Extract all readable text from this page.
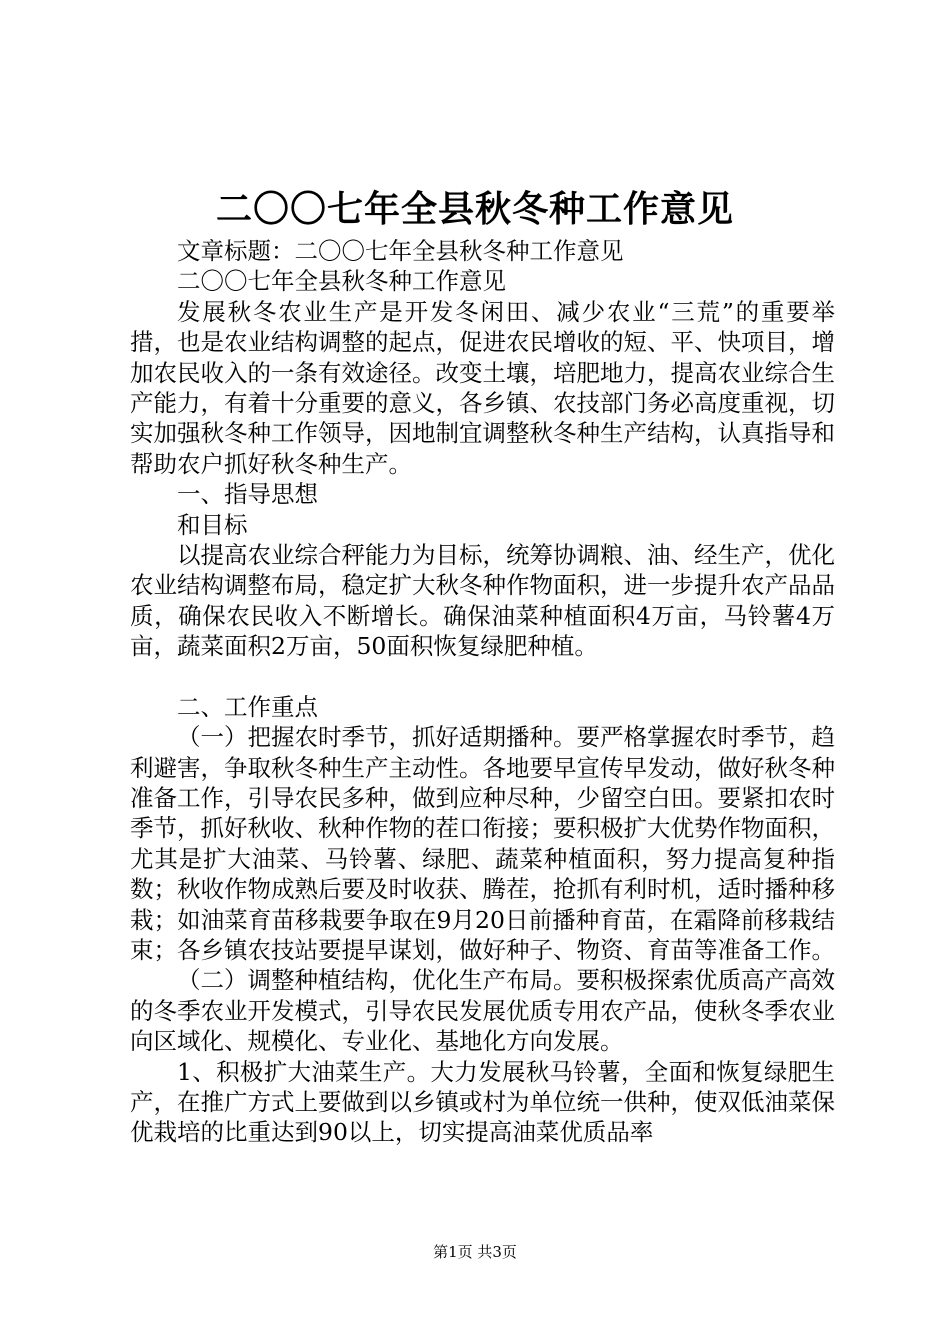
二〇〇七年全县秋冬种工作意见

文章标题：二〇〇七年全县秋冬种工作意见

二〇〇七年全县秋冬种工作意见

发展秋冬农业生产是开发冬闲田、减少农业“三荒”的重要举措，也是农业结构调整的起点，促进农民增收的短、平、快项目，增加农民收入的一条有效途径。改变土壤，培肥地力，提高农业综合生产能力，有着十分重要的意义，各乡镇、农技部门务必高度重视，切实加强秋冬种工作领导，因地制宜调整秋冬种生产结构，认真指导和帮助农户抓好秋冬种生产。

一、指导思想

和目标

以提高农业综合秤能力为目标，统筹协调粮、油、经生产，优化农业结构调整布局，稳定扩大秋冬种作物面积，进一步提升农产品品质，确保农民收入不断增长。确保油菜种植面积4万亩，马铃薯4万亩，蔬菜面积2万亩，50面积恢复绿肥种植。

二、工作重点

（一）把握农时季节，抓好适期播种。要严格掌握农时季节，趋利避害，争取秋冬种生产主动性。各地要早宣传早发动，做好秋冬种准备工作，引导农民多种，做到应种尽种，少留空白田。要紧扣农时季节，抓好秋收、秋种作物的茬口衔接；要积极扩大优势作物面积，尤其是扩大油菜、马铃薯、绿肥、蔬菜种植面积，努力提高复种指数；秋收作物成熟后要及时收获、腾茬，抢抓有利时机，适时播种移栽；如油菜育苗移栽要争取在9月20日前播种育苗，在霜降前移栽结束；各乡镇农技站要提早谋划，做好种子、物资、育苗等准备工作。

（二）调整种植结构，优化生产布局。要积极探索优质高产高效的冬季农业开发模式，引导农民发展优质专用农产品，使秋冬季农业向区域化、规模化、专业化、基地化方向发展。

1、积极扩大油菜生产。大力发展秋马铃薯，全面和恢复绿肥生产，在推广方式上要做到以乡镇或村为单位统一供种，使双低油菜保优栽培的比重达到90以上，切实提高油菜优质品率

第1页 共3页
